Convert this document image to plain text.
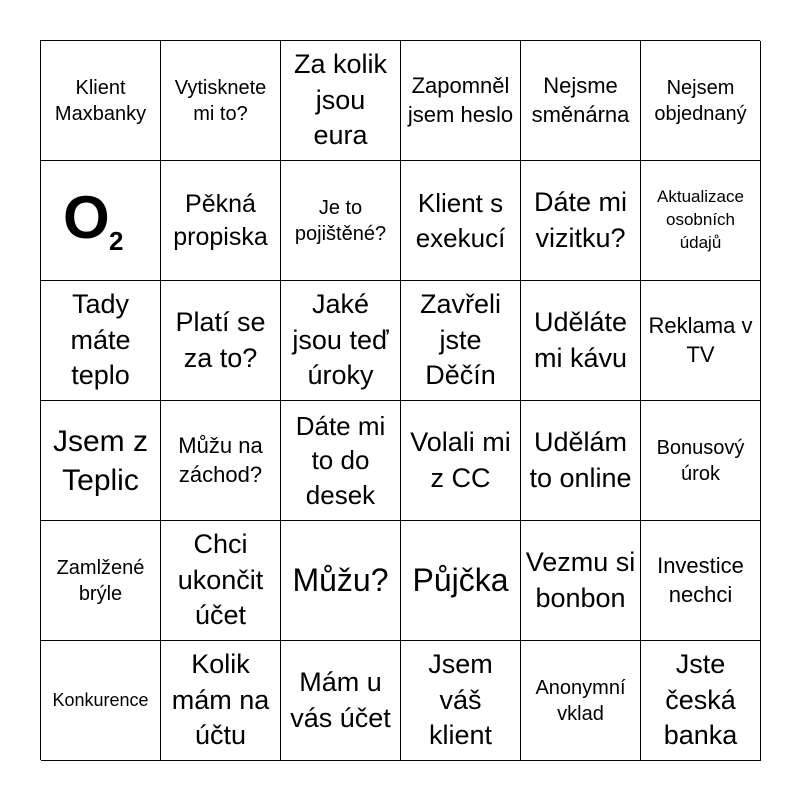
Klient Maxbanky
Vytisknete mi to?
Za kolik jsou eura
Zapomněl jsem heslo
Nejsme směnárna
Nejsem objednaný
O 2
Pěkná propiska
Je to pojištěné?
Klient s exekucí
Dáte mi vizitku?
Aktualizace osobních údajů
Tady máte teplo
Platí se za to?
Jaké jsou teď úroky
Zavřeli jste Děčín
Uděláte mi kávu
Reklama v TV
Jsem z Teplic
Můžu na záchod?
Dáte mi to do desek
Volali mi z CC
Udělám to online
Bonusový úrok
Zamlžené brýle
Chci ukončit účet
Můžu? Půjčka Vezmu si bonbon
Investice nechci
Konkurence
Kolik mám na účtu
Mám u vás účet
Jsem váš klient
Anonymní vklad
Jste česká banka
